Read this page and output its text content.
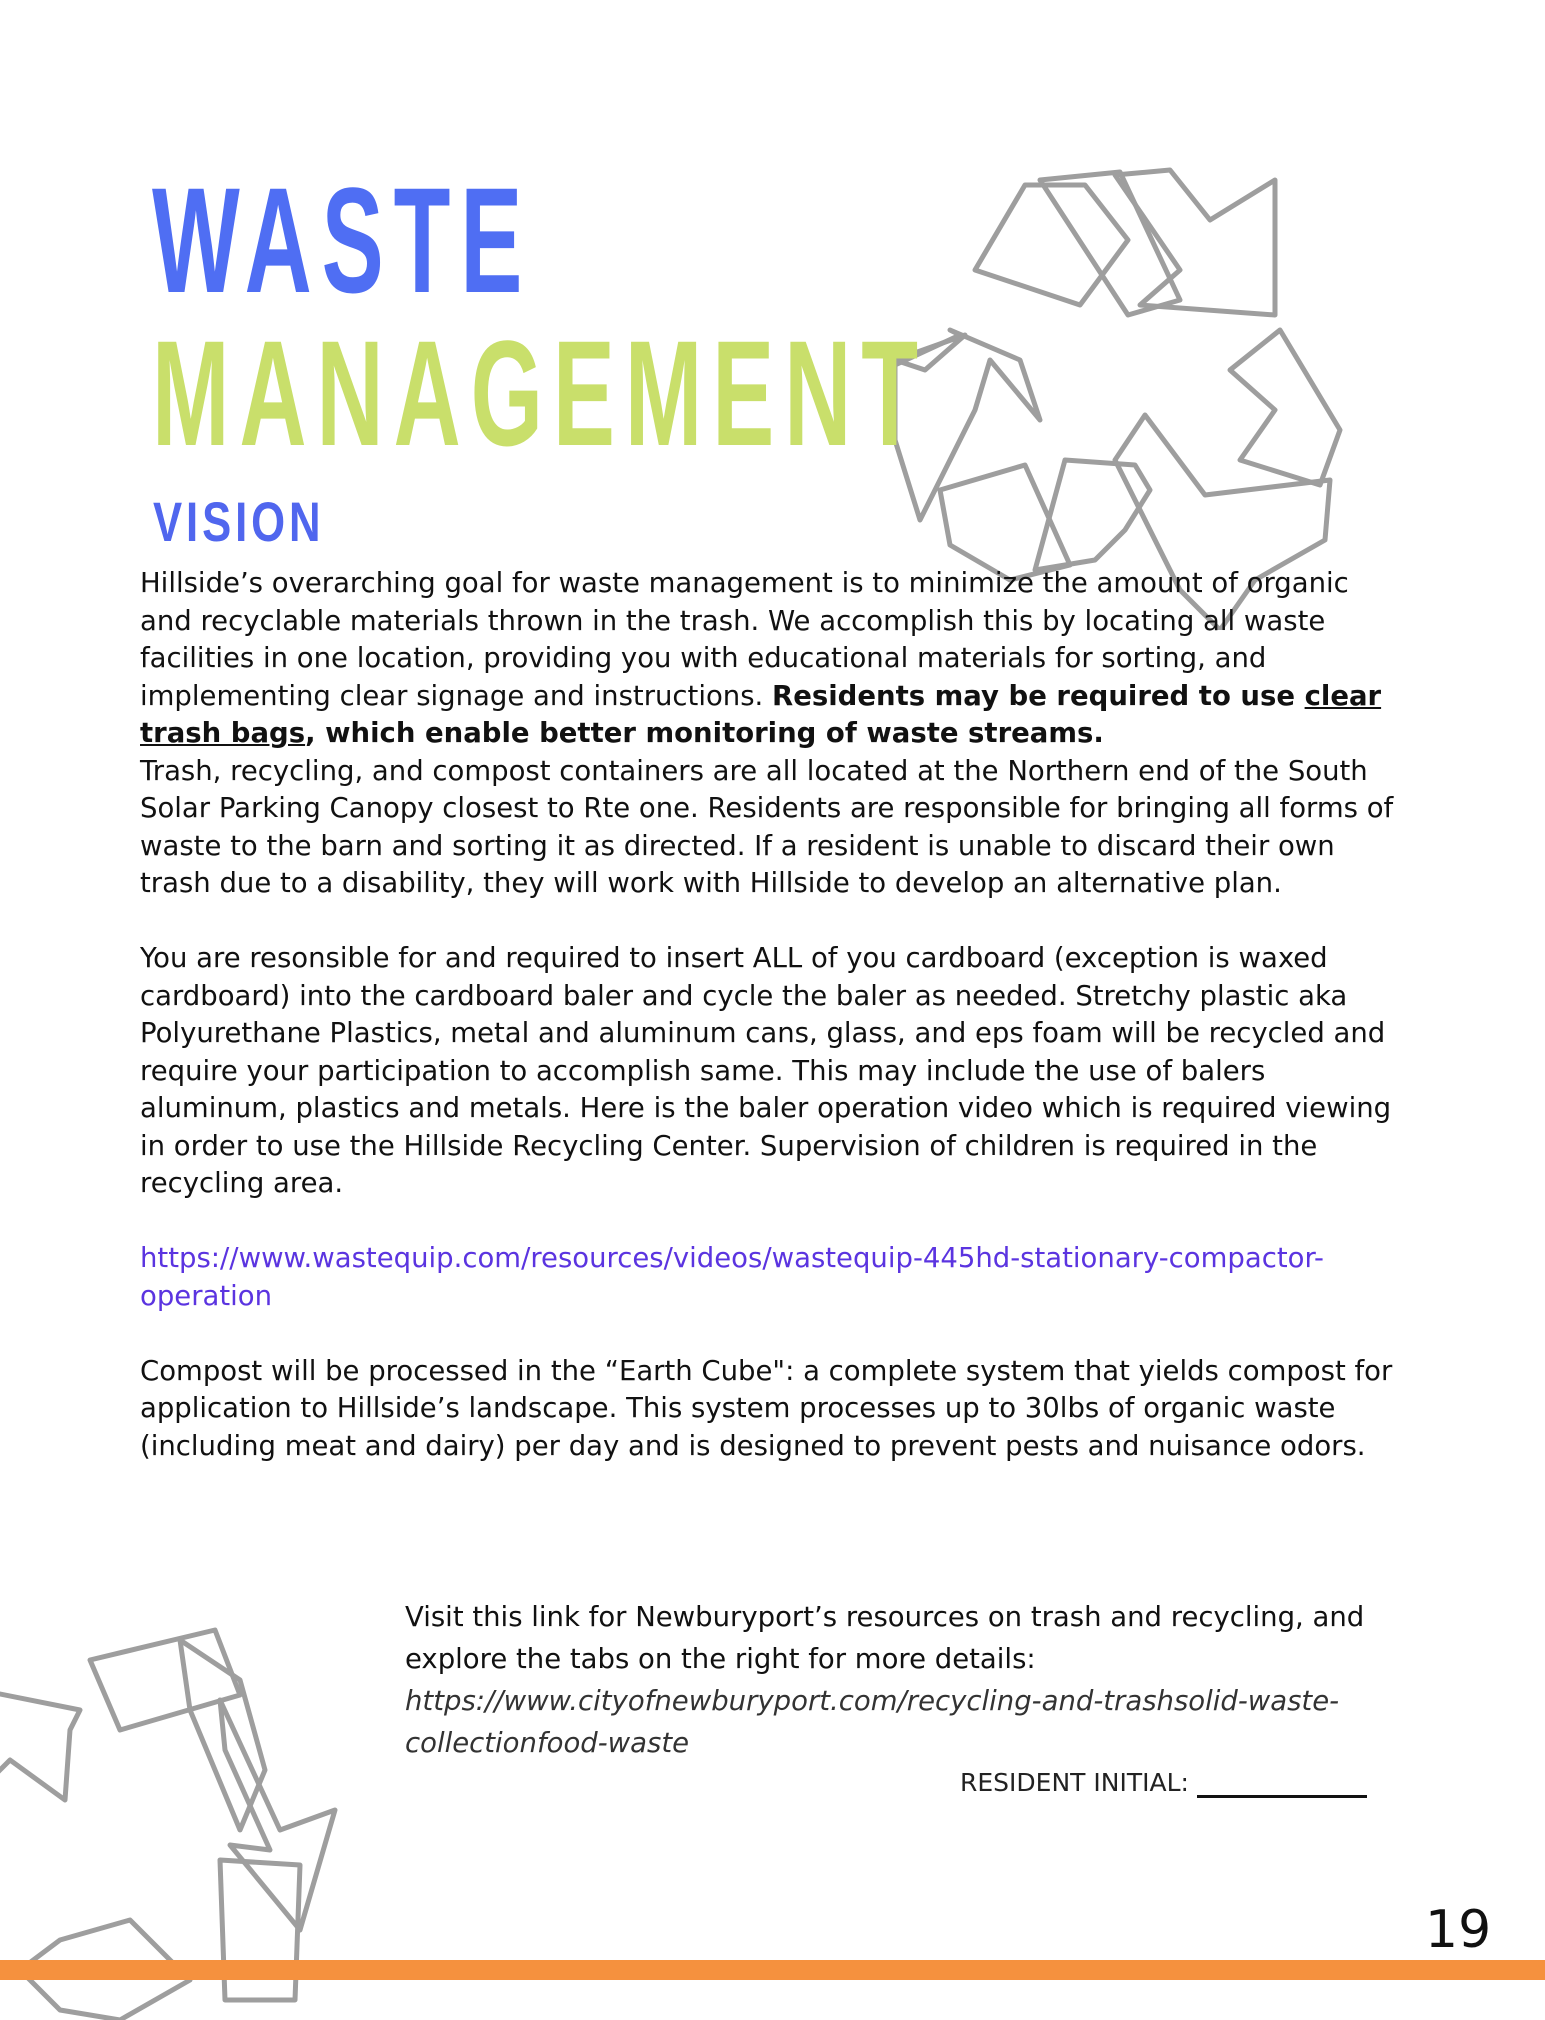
WASTE
MANAGEMENT
VISION

Hillside’s overarching goal for waste management is to minimize the amount of organic and recyclable materials thrown in the trash. We accomplish this by locating all waste facilities in one location, providing you with educational materials for sorting, and implementing clear signage and instructions. Residents may be required to use clear trash bags, which enable better monitoring of waste streams.

Trash, recycling, and compost containers are all located at the Northern end of the South Solar Parking Canopy closest to Rte one. Residents are responsible for bringing all forms of waste to the barn and sorting it as directed. If a resident is unable to discard their own trash due to a disability, they will work with Hillside to develop an alternative plan.

You are resonsible for and required to insert ALL of you cardboard (exception is waxed cardboard) into the cardboard baler and cycle the baler as needed. Stretchy plastic aka Polyurethane Plastics, metal and aluminum cans, glass, and eps foam will be recycled and require your participation to accomplish same. This may include the use of balers aluminum, plastics and metals. Here is the baler operation video which is required viewing in order to use the Hillside Recycling Center. Supervision of children is required in the recycling area.

https://www.wastequip.com/resources/videos/wastequip-445hd-stationary-compactor-operation

Compost will be processed in the “Earth Cube": a complete system that yields compost for application to Hillside’s landscape. This system processes up to 30lbs of organic waste (including meat and dairy) per day and is designed to prevent pests and nuisance odors.

Visit this link for Newburyport’s resources on trash and recycling, and explore the tabs on the right for more details:

https://www.cityofnewburyport.com/recycling-and-trashsolid-waste-collectionfood-waste

RESIDENT INITIAL:
19
